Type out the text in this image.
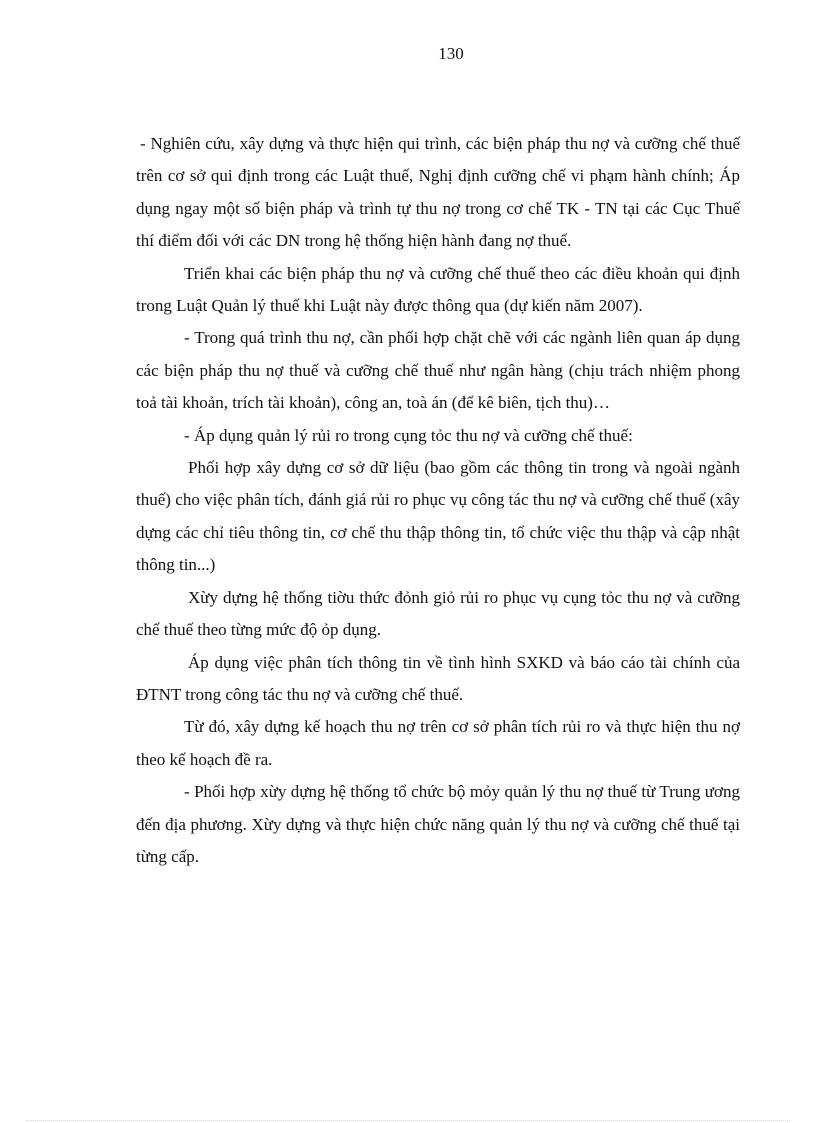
130

- Nghiên cứu, xây dựng và thực hiện qui trình, các biện pháp thu nợ và cưỡng chế thuế trên cơ sở qui định trong các Luật thuế, Nghị định cưỡng chế vi phạm hành chính; Áp dụng ngay một số biện pháp và trình tự thu nợ trong cơ chế TK - TN tại các Cục Thuế thí điểm đối với các DN trong hệ thống hiện hành đang nợ thuế.

Triển khai các biện pháp thu nợ và cưỡng chế thuế theo các điều khoản qui định trong Luật Quản lý thuế khi Luật này được thông qua (dự kiến năm 2007).

- Trong quá trình thu nợ, cần phối hợp chặt chẽ với các ngành liên quan áp dụng các biện pháp thu nợ thuế và cưỡng chế thuế như ngân hàng (chịu trách nhiệm phong toả tài khoản, trích tài khoản), công an, toà án (để kê biên, tịch thu)…

- Áp dụng quản lý rủi ro trong cụng tỏc thu nợ và cưỡng chế thuế:

Phối hợp xây dựng cơ sở dữ liệu (bao gồm các thông tin trong và ngoài ngành thuế) cho việc phân tích, đánh giá rủi ro phục vụ công tác thu nợ và cưỡng chế thuế (xây dựng các chỉ tiêu thông tin, cơ chế thu thập thông tin, tổ chức việc thu thập và cập nhật thông tin...)

Xừy dựng hệ thống tiờu thức đỏnh giỏ rủi ro phục vụ cụng tỏc thu nợ và cưỡng chế thuế theo từng mức độ ỏp dụng.

Áp dụng việc phân tích thông tin về tình hình SXKD và báo cáo tài chính của ĐTNT trong công tác thu nợ và cưỡng chế thuế.

Từ đó, xây dựng kế hoạch thu nợ trên cơ sở phân tích rủi ro và thực hiện thu nợ theo kế hoạch đề ra.

- Phối hợp xừy dựng hệ thống tổ chức bộ mỏy quản lý thu nợ thuế từ Trung ương đến địa phương. Xừy dựng và thực hiện chức năng quản lý thu nợ và cưỡng chế thuế tại từng cấp.
